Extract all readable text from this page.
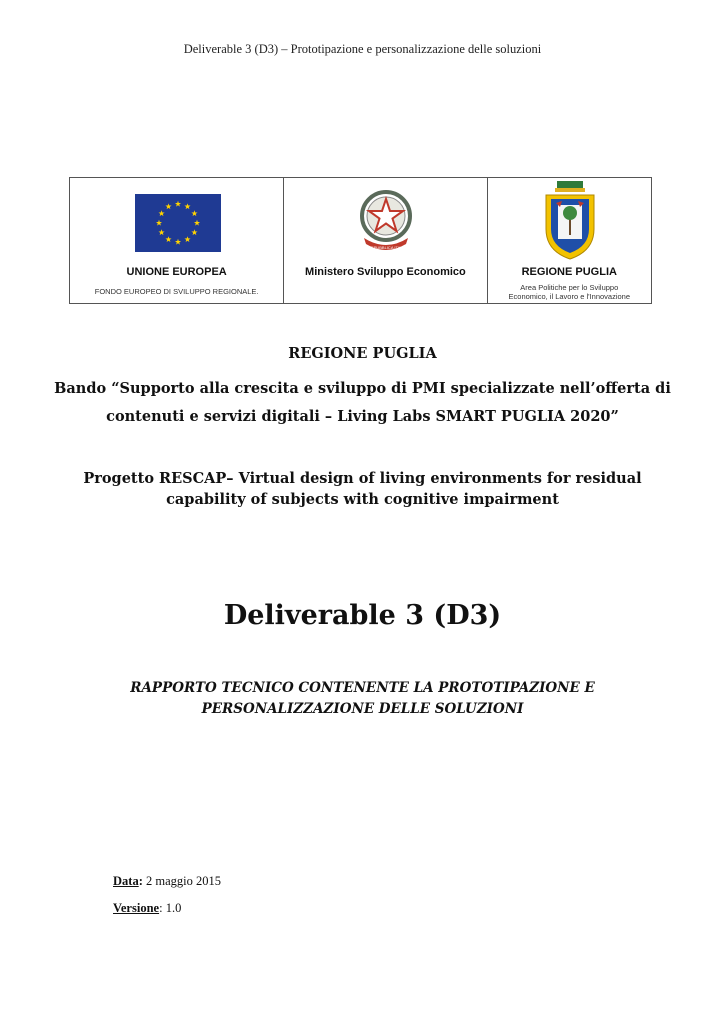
Deliverable 3 (D3) – Prototipazione e personalizzazione delle soluzioni
UNIONE EUROPEA
FONDO EUROPEO DI SVILUPPO REGIONALE.
REPUBBLICA ITALIANA
Ministero Sviluppo Economico	REGIONE PUGLIA
Area Politiche per lo Sviluppo
Economico, il Lavoro e l'Innovazione
REGIONE PUGLIA
Bando “Supporto alla crescita e sviluppo di PMI specializzate nell’offerta di
contenuti e servizi digitali – Living Labs SMART PUGLIA 2020”
Progetto RESCAP– Virtual design of living environments for residual
capability of subjects with cognitive impairment
Deliverable 3 (D3)
RAPPORTO TECNICO CONTENENTE LA PROTOTIPAZIONE E
PERSONALIZZAZIONE DELLE SOLUZIONI
Data: 2 maggio 2015
Versione: 1.0
